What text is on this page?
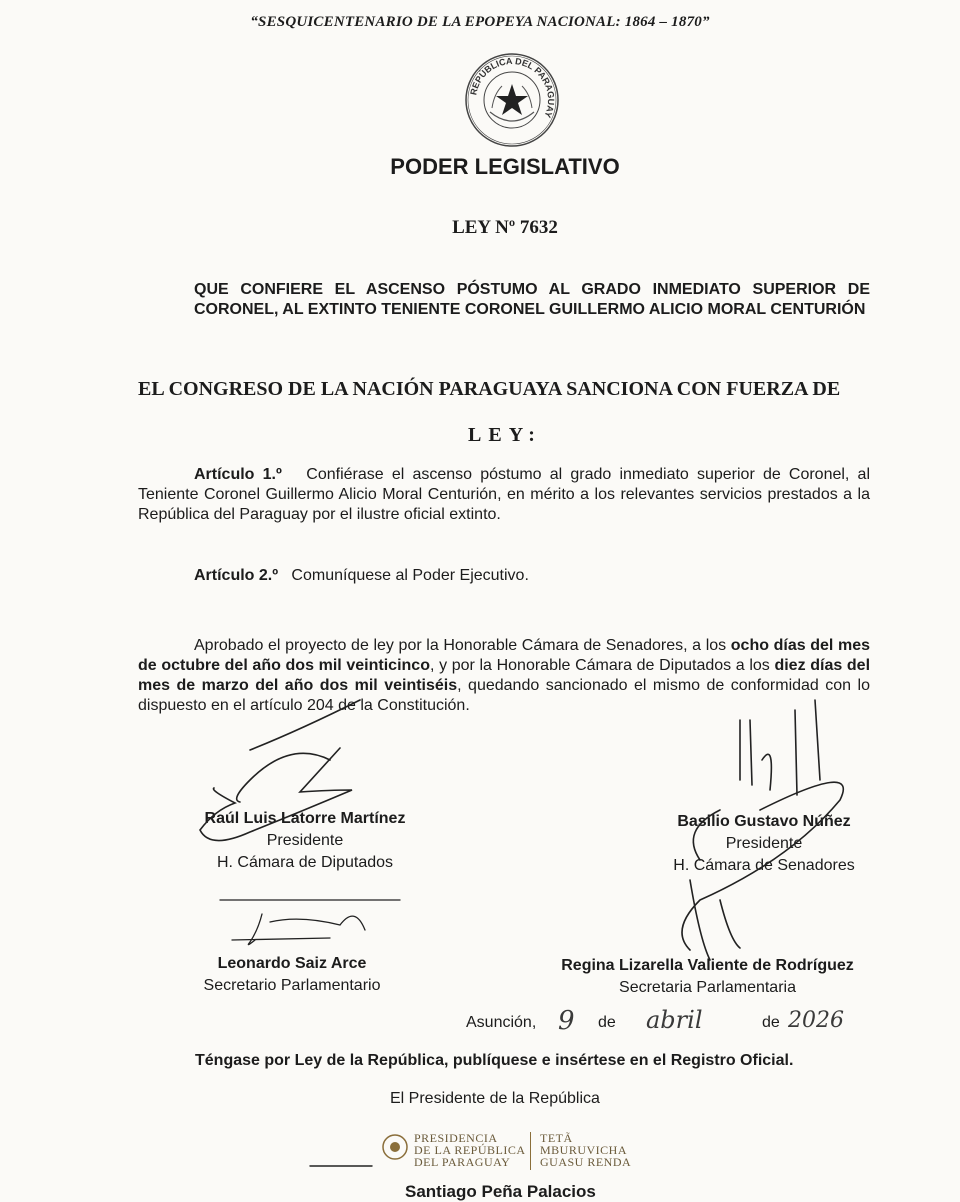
“SESQUICENTENARIO DE LA EPOPEYA NACIONAL: 1864 – 1870”
REPÚBLICA DEL PARAGUAY
PODER LEGISLATIVO
LEY Nº 7632
QUE CONFIERE EL ASCENSO PÓSTUMO AL GRADO INMEDIATO SUPERIOR DE CORONEL, AL EXTINTO TENIENTE CORONEL GUILLERMO ALICIO MORAL CENTURIÓN
EL CONGRESO DE LA NACIÓN PARAGUAYA SANCIONA CON FUERZA DE
LEY:
Artículo 1.º Confiérase el ascenso póstumo al grado inmediato superior de Coronel, al Teniente Coronel Guillermo Alicio Moral Centurión, en mérito a los relevantes servicios prestados a la República del Paraguay por el ilustre oficial extinto.
Artículo 2.º Comuníquese al Poder Ejecutivo.
Aprobado el proyecto de ley por la Honorable Cámara de Senadores, a los ocho días del mes de octubre del año dos mil veinticinco, y por la Honorable Cámara de Diputados a los diez días del mes de marzo del año dos mil veintiséis, quedando sancionado el mismo de conformidad con lo dispuesto en el artículo 204 de la Constitución.
Raúl Luis Latorre Martínez
Presidente
H. Cámara de Diputados
Basilio Gustavo Núñez
Presidente
H. Cámara de Senadores
Leonardo Saiz Arce
Secretario Parlamentario
Regina Lizarella Valiente de Rodríguez
Secretaria Parlamentaria
Asunción, 9 de abril	de 2026
Téngase por Ley de la República, publíquese e insértese en el Registro Oficial.
El Presidente de la República
PRESIDENCIA
DE LA REPÚBLICA
DEL PARAGUAY
TETÃ
MBURUVICHA
GUASU RENDA
Santiago Peña Palacios
